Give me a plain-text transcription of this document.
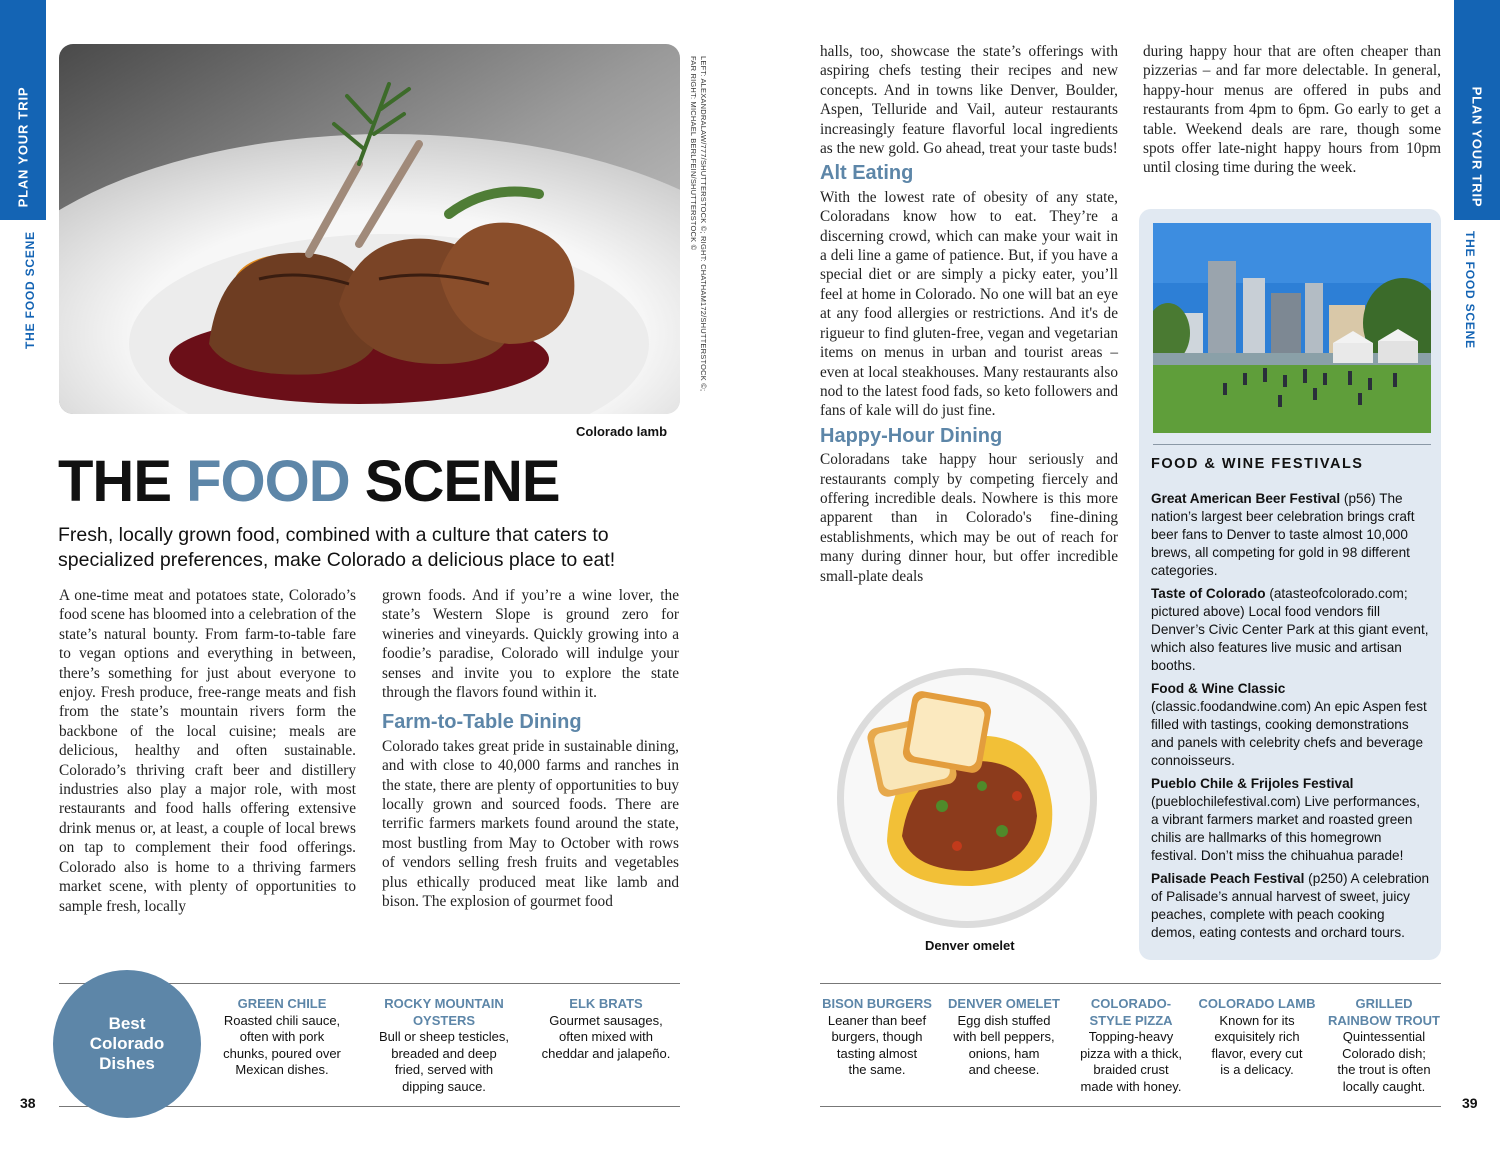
PLAN YOUR TRIP
THE FOOD SCENE
PLAN YOUR TRIP
THE FOOD SCENE
LEFT: ALEXANDRALAW/777/SHUTTERSTOCK ©; RIGHT: CHATHAM172/SHUTTERSTOCK ©;
FAR RIGHT: MICHAEL BERLFEIN/SHUTTERSTOCK ©
Colorado lamb
THE FOOD SCENE
Fresh, locally grown food, combined with a culture that caters to specialized preferences, make Colorado a delicious place to eat!

A one-time meat and potatoes state, Colorado’s food scene has bloomed into a celebration of the state’s natural bounty. From farm-to-table fare to vegan options and everything in between, there’s something for just about everyone to enjoy. Fresh produce, free-range meats and fish from the state’s mountain rivers form the backbone of the local cuisine; meals are delicious, healthy and often sustainable. Colorado’s thriving craft beer and distillery industries also play a major role, with most restaurants and food halls offering extensive drink menus or, at least, a couple of local brews on tap to complement their food offerings. Colorado also is home to a thriving farmers market scene, with plenty of opportunities to sample fresh, locally

grown foods. And if you’re a wine lover, the state’s Western Slope is ground zero for wineries and vineyards. Quickly growing into a foodie’s paradise, Colorado will indulge your senses and invite you to explore the state through the flavors found within it.

Farm-to-Table Dining

Colorado takes great pride in sustainable dining, and with close to 40,000 farms and ranches in the state, there are plenty of opportunities to buy locally grown and sourced foods. There are terrific farmers markets found around the state, most bustling from May to October with rows of vendors selling fresh fruits and vegetables plus ethically produced meat like lamb and bison. The explosion of gourmet food

halls, too, showcase the state’s offerings with aspiring chefs testing their recipes and new concepts. And in towns like Denver, Boulder, Aspen, Telluride and Vail, auteur restaurants increasingly feature flavorful local ingredients as the new gold. Go ahead, treat your taste buds!

Alt Eating

With the lowest rate of obesity of any state, Coloradans know how to eat. They’re a discerning crowd, which can make your wait in a deli line a game of patience. But, if you have a special diet or are simply a picky eater, you’ll feel at home in Colorado. No one will bat an eye at any food allergies or restrictions. And it's de rigueur to find gluten-free, vegan and vegetarian items on menus in urban and tourist areas – even at local steakhouses. Many restaurants also nod to the latest food fads, so keto followers and fans of kale will do just fine.

Happy-Hour Dining

Coloradans take happy hour seriously and restaurants comply by competing fiercely and offering incredible deals. Nowhere is this more apparent than in Colorado's fine-dining establishments, which may be out of reach for many during dinner hour, but offer incredible small-plate deals

during happy hour that are often cheaper than pizzerias – and far more delectable. In general, happy-hour menus are offered in pubs and restaurants from 4pm to 6pm. Go early to get a table. Weekend deals are rare, though some spots offer late-night happy hours from 10pm until closing time during the week.

Denver omelet
FOOD & WINE FESTIVALS
Great American Beer Festival (p56) The nation’s largest beer celebration brings craft beer fans to Denver to taste almost 10,000 brews, all competing for gold in 98 different categories.
Taste of Colorado (atasteofcolorado.com; pictured above) Local food vendors fill Denver’s Civic Center Park at this giant event, which also features live music and artisan booths.
Food & Wine Classic (classic.foodandwine.com) An epic Aspen fest filled with tastings, cooking demonstrations and panels with celebrity chefs and beverage connoisseurs.
Pueblo Chile & Frijoles Festival (pueblochilefestival.com) Live performances, a vibrant farmers market and roasted green chilis are hallmarks of this homegrown festival. Don’t miss the chihuahua parade!
Palisade Peach Festival (p250) A celebration of Palisade’s annual harvest of sweet, juicy peaches, complete with peach cooking demos, eating contests and orchard tours.
Best
Colorado
Dishes
GREEN CHILE
Roasted chili sauce,
often with pork
chunks, poured over
Mexican dishes.
ROCKY MOUNTAIN
OYSTERS
Bull or sheep testicles,
breaded and deep
fried, served with
dipping sauce.
ELK BRATS
Gourmet sausages,
often mixed with
cheddar and jalapeño.
BISON BURGERS
Leaner than beef
burgers, though
tasting almost
the same.
DENVER OMELET
Egg dish stuffed
with bell peppers,
onions, ham
and cheese.
COLORADO-
STYLE PIZZA
Topping-heavy
pizza with a thick,
braided crust
made with honey.
COLORADO LAMB
Known for its
exquisitely rich
flavor, every cut
is a delicacy.
GRILLED
RAINBOW TROUT
Quintessential
Colorado dish;
the trout is often
locally caught.
38	39
